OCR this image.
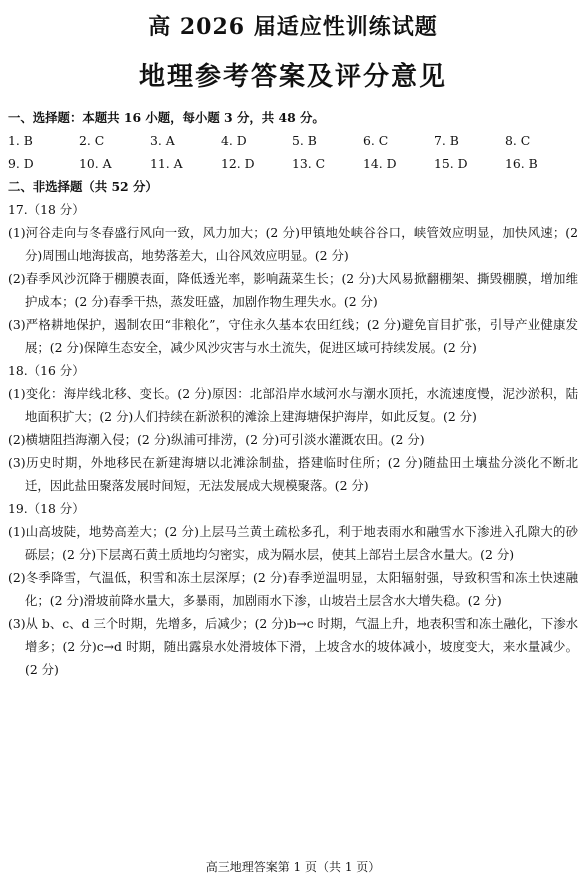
高 2026 届适应性训练试题
地理参考答案及评分意见
一、选择题：本题共 16 小题，每小题 3 分，共 48 分。
1. B	2. C	3. A	4. D	5. B	6. C	7. B	8. C
9. D	10. A	11. A	12. D	13. C	14. D	15. D	16. B
二、非选择题（共 52 分）
17.（18 分）

(1)河谷走向与冬春盛行风向一致，风力加大；(2 分)甲镇地处峡谷谷口，峡管效应明显，加快风速；(2 分)周围山地海拔高，地势落差大，山谷风效应明显。(2 分)

(2)春季风沙沉降于棚膜表面，降低透光率，影响蔬菜生长；(2 分)大风易掀翻棚架、撕毁棚膜，增加维护成本；(2 分)春季干热，蒸发旺盛，加剧作物生理失水。(2 分)

(3)严格耕地保护，遏制农田“非粮化”，守住永久基本农田红线；(2 分)避免盲目扩张，引导产业健康发展；(2 分)保障生态安全，减少风沙灾害与水土流失，促进区域可持续发展。(2 分)

18.（16 分）

(1)变化：海岸线北移、变长。(2 分)原因：北部沿岸水域河水与潮水顶托，水流速度慢，泥沙淤积，陆地面积扩大；(2 分)人们持续在新淤积的滩涂上建海塘保护海岸，如此反复。(2 分)

(2)横塘阻挡海潮入侵；(2 分)纵浦可排涝，(2 分)可引淡水灌溉农田。(2 分)

(3)历史时期，外地移民在新建海塘以北滩涂制盐，搭建临时住所；(2 分)随盐田土壤盐分淡化不断北迁，因此盐田聚落发展时间短，无法发展成大规模聚落。(2 分)

19.（18 分）

(1)山高坡陡，地势高差大；(2 分)上层马兰黄土疏松多孔，利于地表雨水和融雪水下渗进入孔隙大的砂砾层；(2 分)下层离石黄土质地均匀密实，成为隔水层，使其上部岩土层含水量大。(2 分)

(2)冬季降雪，气温低，积雪和冻土层深厚；(2 分)春季逆温明显，太阳辐射强，导致积雪和冻土快速融化；(2 分)滑坡前降水量大，多暴雨，加剧雨水下渗，山坡岩土层含水大增失稳。(2 分)

(3)从 b、c、d 三个时期，先增多，后减少；(2 分)b→c 时期，气温上升，地表积雪和冻土融化，下渗水增多；(2 分)c→d 时期，随出露泉水处滑坡体下滑，上坡含水的坡体减小，坡度变大，来水量减少。(2 分)

高三地理答案第 1 页（共 1 页）
